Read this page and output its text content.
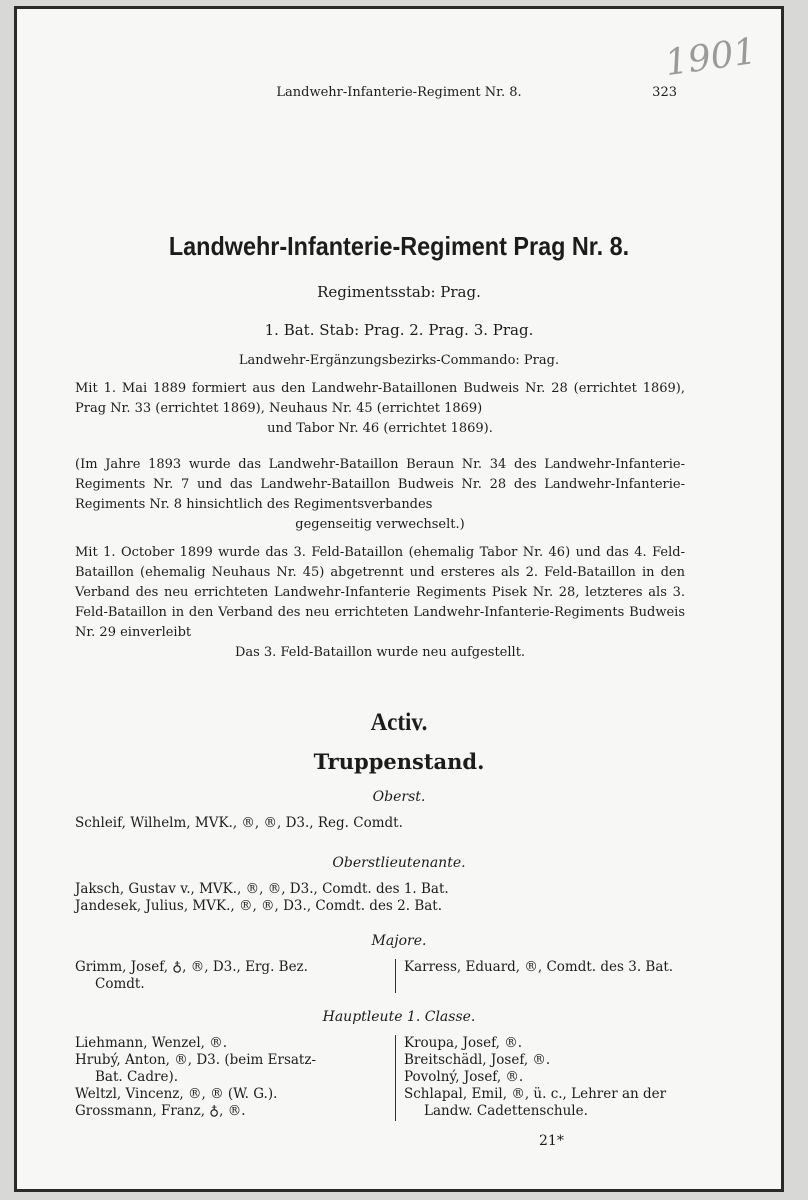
1901
Landwehr-Infanterie-Regiment Nr. 8.	323
Landwehr-Infanterie-Regiment Prag Nr. 8.
Regimentsstab: Prag.
1. Bat. Stab: Prag. 2. Prag. 3. Prag.
Landwehr-Ergänzungsbezirks-Commando: Prag.

Mit 1. Mai 1889 formiert aus den Landwehr-Bataillonen Budweis Nr. 28 (errichtet 1869), Prag Nr. 33 (errichtet 1869), Neuhaus Nr. 45 (errichtet 1869)
und Tabor Nr. 46 (errichtet 1869).

(Im Jahre 1893 wurde das Landwehr-Bataillon Beraun Nr. 34 des Landwehr-Infanterie-Regiments Nr. 7 und das Landwehr-Bataillon Budweis Nr. 28 des Landwehr-Infanterie-Regiments Nr. 8 hinsichtlich des Regimentsverbandes
gegenseitig verwechselt.)

Mit 1. October 1899 wurde das 3. Feld-Bataillon (ehemalig Tabor Nr. 46) und das 4. Feld-Bataillon (ehemalig Neuhaus Nr. 45) abgetrennt und ersteres als 2. Feld-Bataillon in den Verband des neu errichteten Landwehr-Infanterie Regiments Pisek Nr. 28, letzteres als 3. Feld-Bataillon in den Verband des neu errichteten Landwehr-Infanterie-Regiments Budweis Nr. 29 einverleibt
Das 3. Feld-Bataillon wurde neu aufgestellt.

Activ.
Truppenstand.
Oberst.
Schleif, Wilhelm, MVK., ®, ®, D3., Reg. Comdt.
Oberstlieutenante.
Jaksch, Gustav v., MVK., ®, ®, D3., Comdt. des 1. Bat.
Jandesek, Julius, MVK., ®, ®, D3., Comdt. des 2. Bat.
Majore.
Grimm, Josef, ♁, ®, D3., Erg. Bez.
Comdt.
Karress, Eduard, ®, Comdt. des 3. Bat.
Hauptleute 1. Classe.
Liehmann, Wenzel, ®.
Hrubý, Anton, ®, D3. (beim Ersatz-
Bat. Cadre).
Weltzl, Vincenz, ®, ® (W. G.).
Grossmann, Franz, ♁, ®.
Kroupa, Josef, ®.
Breitschädl, Josef, ®.
Povolný, Josef, ®.
Schlapal, Emil, ®, ü. c., Lehrer an der
Landw. Cadettenschule.
21*
